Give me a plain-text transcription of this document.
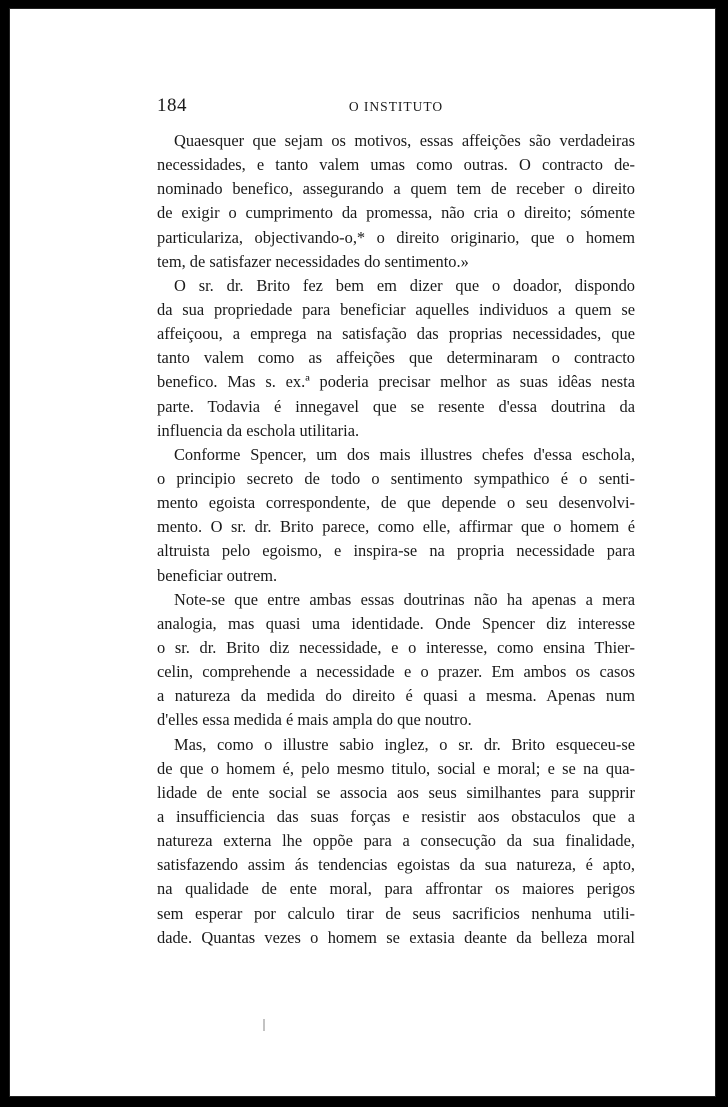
184	O INSTITUTO
Quaesquer que sejam os motivos, essas affeições são verdadeiras
necessidades, e tanto valem umas como outras. O contracto de-
nominado benefico, assegurando a quem tem de receber o direito
de exigir o cumprimento da promessa, não cria o direito; sómente
particulariza, objectivando-o,* o direito originario, que o homem
tem, de satisfazer necessidades do sentimento.»
O sr. dr. Brito fez bem em dizer que o doador, dispondo
da sua propriedade para beneficiar aquelles individuos a quem se
affeiçoou, a emprega na satisfação das proprias necessidades, que
tanto valem como as affeições que determinaram o contracto
benefico. Mas s. ex.ª poderia precisar melhor as suas idêas nesta
parte. Todavia é innegavel que se resente d'essa doutrina da
influencia da eschola utilitaria.
Conforme Spencer, um dos mais illustres chefes d'essa eschola,
o principio secreto de todo o sentimento sympathico é o senti-
mento egoista correspondente, de que depende o seu desenvolvi-
mento. O sr. dr. Brito parece, como elle, affirmar que o homem é
altruista pelo egoismo, e inspira-se na propria necessidade para
beneficiar outrem.
Note-se que entre ambas essas doutrinas não ha apenas a mera
analogia, mas quasi uma identidade. Onde Spencer diz interesse
o sr. dr. Brito diz necessidade, e o interesse, como ensina Thier-
celin, comprehende a necessidade e o prazer. Em ambos os casos
a natureza da medida do direito é quasi a mesma. Apenas num
d'elles essa medida é mais ampla do que noutro.
Mas, como o illustre sabio inglez, o sr. dr. Brito esqueceu-se
de que o homem é, pelo mesmo titulo, social e moral; e se na qua-
lidade de ente social se associa aos seus similhantes para supprir
a insufficiencia das suas forças e resistir aos obstaculos que a
natureza externa lhe oppõe para a consecução da sua finalidade,
satisfazendo assim ás tendencias egoistas da sua natureza, é apto,
na qualidade de ente moral, para affrontar os maiores perigos
sem esperar por calculo tirar de seus sacrificios nenhuma utili-
dade. Quantas vezes o homem se extasia deante da belleza moral
